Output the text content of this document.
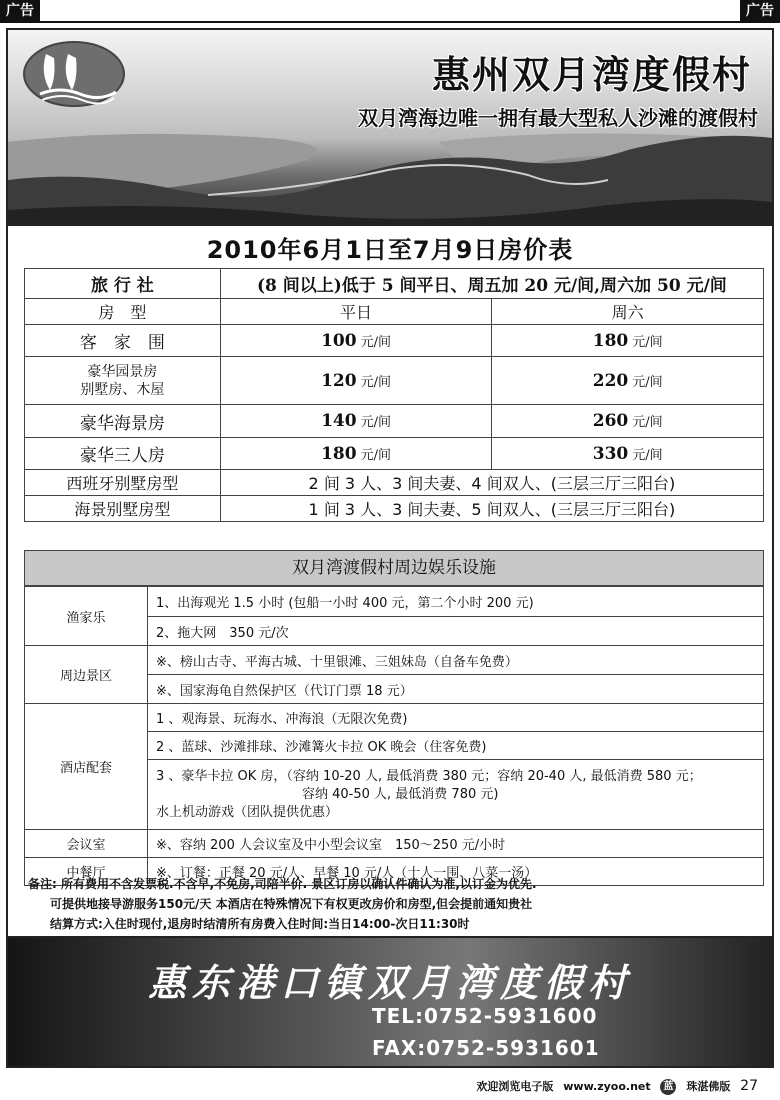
广告	广告
惠州双月湾度假村
双月湾海边唯一拥有最大型私人沙滩的渡假村
2010年6月1日至7月9日房价表
旅 行 社	(8 间以上)低于 5 间平日、周五加 20 元/间,周六加 50 元/间	
房　型	平日	周六
客　家　围	100 元/间	180 元/间

豪华园景房
别墅房、木屋	120 元/间	220 元/间
豪华海景房	140 元/间	260 元/间
豪华三人房	180 元/间	330 元/间
西班牙别墅房型	2 间 3 人、3 间夫妻、4 间双人、(三层三厅三阳台)	
海景别墅房型	1 间 3 人、3 间夫妻、5 间双人、(三层三厅三阳台)	
双月湾渡假村周边娱乐设施
渔家乐	1、出海观光 1.5 小时 (包船一小时 400 元，第二个小时 200 元)
	2、拖大网　350 元/次
周边景区	※、榜山古寺、平海古城、十里银滩、三姐妹岛（自备车免费）
	※、国家海龟自然保护区（代订门票 18 元）
酒店配套	1 、观海景、玩海水、冲海浪（无限次免费)
	2 、蓝球、沙滩排球、沙滩篝火卡拉 OK 晚会（住客免费)

	3 、豪华卡拉 OK 房，（容纳 10-20 人, 最低消费 380 元；容纳 20-40 人, 最低消费 580 元；
容纳 40-50 人, 最低消费 780 元)
水上机动游戏（团队提供优惠）

会议室	※、容纳 200 人会议室及中小型会议室　150～250 元/小时
中餐厅	※、订餐：正餐 20 元/人、早餐 10 元/人（十人一围、八菜一汤）
备注: 所有费用不含发票税.不含早,不免房,司陪半价. 景区订房以确认件确认为准,以订金为优先.
可提供地接导游服务150元/天 本酒店在特殊情况下有权更改房价和房型,但会提前通知贵社
结算方式:入住时现付,退房时结清所有房费入住时间:当日14:00-次日11:30时
惠东港口镇双月湾度假村
TEL:0752-5931600
FAX:0752-5931601
欢迎浏览电子版 www.zyoo.net 蓝 珠湛佛版 27
